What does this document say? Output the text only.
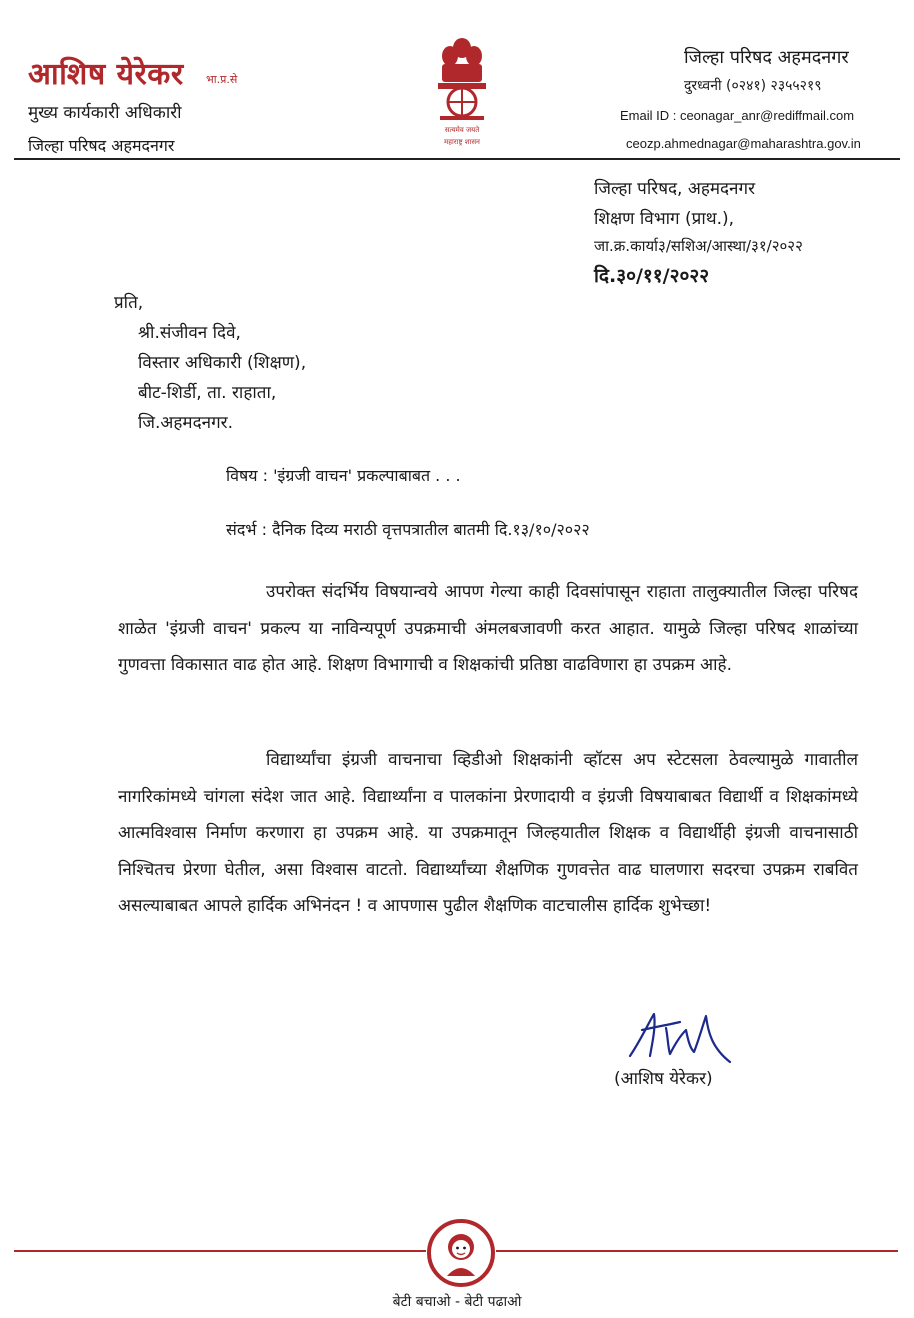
आशिष येरेकर भा.प्र.से
मुख्य कार्यकारी अधिकारी
जिल्हा परिषद अहमदनगर
सत्यमेव जयते
महाराष्ट्र शासन
जिल्हा परिषद अहमदनगर
दुरध्वनी (०२४१) २३५५२१९
Email ID : ceonagar_anr@rediffmail.com
ceozp.ahmednagar@maharashtra.gov.in
जिल्हा परिषद, अहमदनगर
शिक्षण विभाग (प्राथ.),
जा.क्र.कार्या३/सशिअ/आस्था/३१/२०२२
दि.३०/११/२०२२
प्रति,
श्री.संजीवन दिवे,
विस्तार अधिकारी (शिक्षण),
बीट-शिर्डी, ता. राहाता,
जि.अहमदनगर.
विषय : 'इंग्रजी वाचन' प्रकल्पाबाबत . . .
संदर्भ : दैनिक दिव्य मराठी वृत्तपत्रातील बातमी दि.१३/१०/२०२२
उपरोक्त संदर्भिय विषयान्वये आपण गेल्या काही दिवसांपासून राहाता तालुक्यातील जिल्हा परिषद शाळेत 'इंग्रजी वाचन' प्रकल्प या नाविन्यपूर्ण उपक्रमाची अंमलबजावणी करत आहात. यामुळे जिल्हा परिषद शाळांच्या गुणवत्ता विकासात वाढ होत आहे. शिक्षण विभागाची व शिक्षकांची प्रतिष्ठा वाढविणारा हा उपक्रम आहे.
विद्यार्थ्यांचा इंग्रजी वाचनाचा व्हिडीओ शिक्षकांनी व्हॉटस अप स्टेटसला ठेवल्यामुळे गावातील नागरिकांमध्ये चांगला संदेश जात आहे. विद्यार्थ्यांना व पालकांना प्रेरणादायी व इंग्रजी विषयाबाबत विद्यार्थी व शिक्षकांमध्ये आत्मविश्वास निर्माण करणारा हा उपक्रम आहे. या उपक्रमातून जिल्हयातील शिक्षक व विद्यार्थीही इंग्रजी वाचनासाठी निश्चितच प्रेरणा घेतील, असा विश्वास वाटतो. विद्यार्थ्यांच्या शैक्षणिक गुणवत्तेत वाढ घालणारा सदरचा उपक्रम राबवित असल्याबाबत आपले हार्दिक अभिनंदन ! व आपणास पुढील शैक्षणिक वाटचालीस हार्दिक शुभेच्छा!
(आशिष येरेकर)
बेटी बचाओ - बेटी पढाओ
